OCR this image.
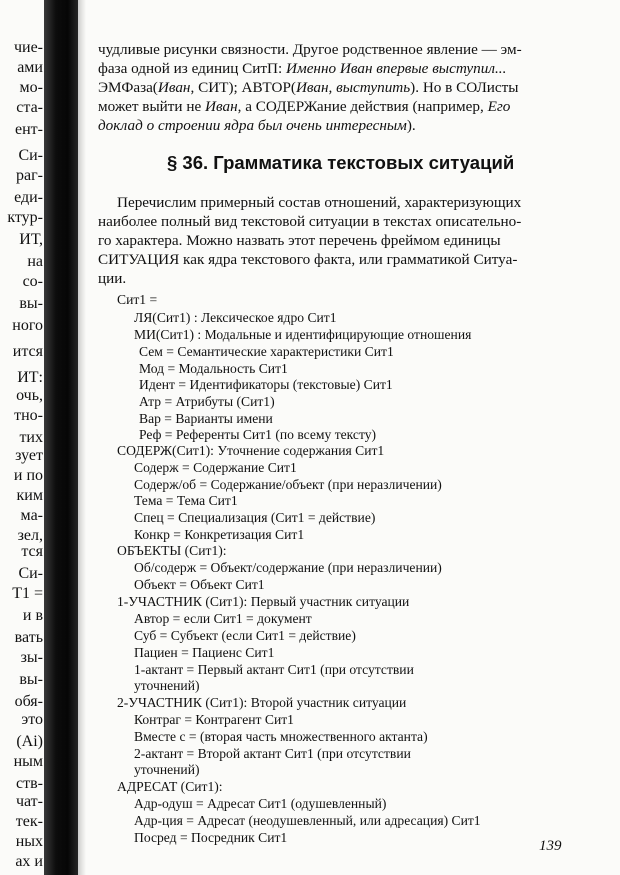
чие-
ами
мо-
ста-
ент-
Си-
раг-
еди-
ктур-
ИТ,
на
со-
вы-
ного
ится
ИТ:
очь,
тно-
тих
зует
и по
ким
ма-
зел,
тся
Си-
Т1 =
и в
вать
зы-
вы-
обя-
это
(Ai)
ным
ств-
чат-
тек-
ных
ах и
чудливые рисунки связности. Другое родственное явление — эм-
фаза одной из единиц СитП: Именно Иван впервые выступил...
ЭМФаза(Иван, СИТ); АВТОР(Иван, выступить). Но в СОЛисты
может выйти не Иван, а СОДЕРЖание действия (например, Его
доклад о строении ядра был очень интересным).
§ 36. Грамматика текстовых ситуаций
Перечислим примерный состав отношений, характеризующих
наиболее полный вид текстовой ситуации в текстах описательно-
го характера. Можно назвать этот перечень фреймом единицы
СИТУАЦИЯ как ядра текстового факта, или грамматикой Ситуа-
ции.
Сит1 =
ЛЯ(Сит1) : Лексическое ядро Сит1
МИ(Сит1) : Модальные и идентифицирующие отношения
Сем = Семантические характеристики Сит1
Мод = Модальность Сит1
Идент = Идентификаторы (текстовые) Сит1
Атр = Атрибуты (Сит1)
Вар = Варианты имени
Реф = Референты Сит1 (по всему тексту)
СОДЕРЖ(Сит1): Уточнение содержания Сит1
Содерж = Содержание Сит1
Содерж/об = Содержание/объект (при неразличении)
Тема = Тема Сит1
Спец = Специализация (Сит1 = действие)
Конкр = Конкретизация Сит1
ОБЪЕКТЫ (Сит1):
Об/содерж = Объект/содержание (при неразличении)
Объект = Объект Сит1
1-УЧАСТНИК (Сит1): Первый участник ситуации
Автор = если Сит1 = документ
Суб = Субъект (если Сит1 = действие)
Пациен = Пациенс Сит1
1-актант = Первый актант Сит1 (при отсутствии
уточнений)
2-УЧАСТНИК (Сит1): Второй участник ситуации
Контраг = Контрагент Сит1
Вместе с = (вторая часть множественного актанта)
2-актант = Второй актант Сит1 (при отсутствии
уточнений)
АДРЕСАТ (Сит1):
Адр-одуш = Адресат Сит1 (одушевленный)
Адр-ция = Адресат (неодушевленный, или адресация) Сит1
Посред = Посредник Сит1
139
